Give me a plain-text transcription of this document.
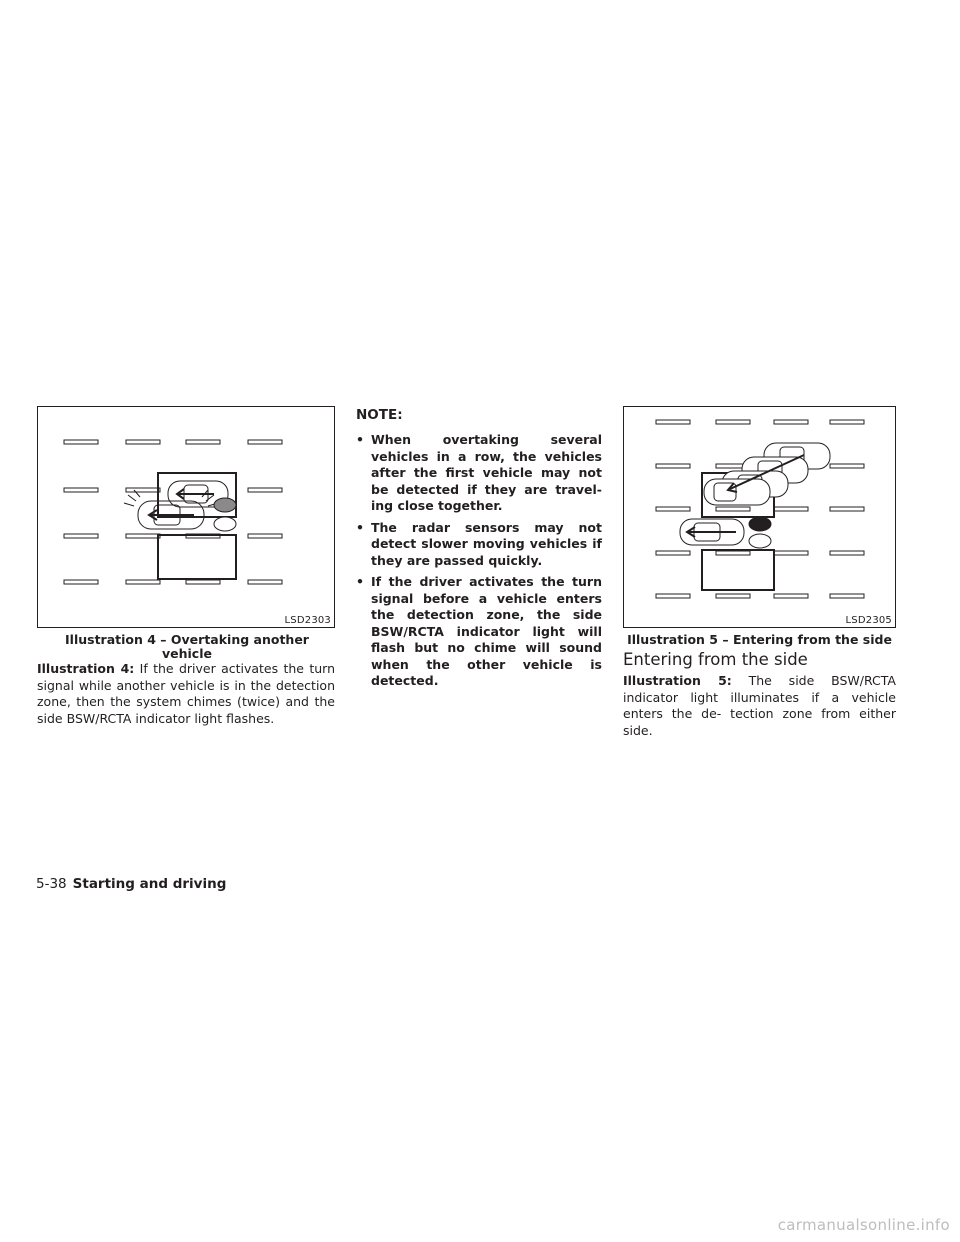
LSD2303
Illustration 4 – Overtaking another vehicle
Illustration 4: If the driver activates the turn signal while another vehicle is in the detection zone, then the system chimes (twice) and the side BSW/RCTA indicator light flashes.
NOTE:
• When overtaking several vehicles in a row, the vehicles after the first vehicle may not be detected if they are travel- ing close together.
• The radar sensors may not detect slower moving vehicles if they are passed quickly.
• If the driver activates the turn signal before a vehicle enters the detection zone, the side BSW/RCTA indicator light will flash but no chime will sound when the other vehicle is detected.
LSD2305
Illustration 5 – Entering from the side
Entering from the side
Illustration 5: The side BSW/RCTA indicator light illuminates if a vehicle enters the de- tection zone from either side.
5-38 Starting and driving
carmanualsonline.info
